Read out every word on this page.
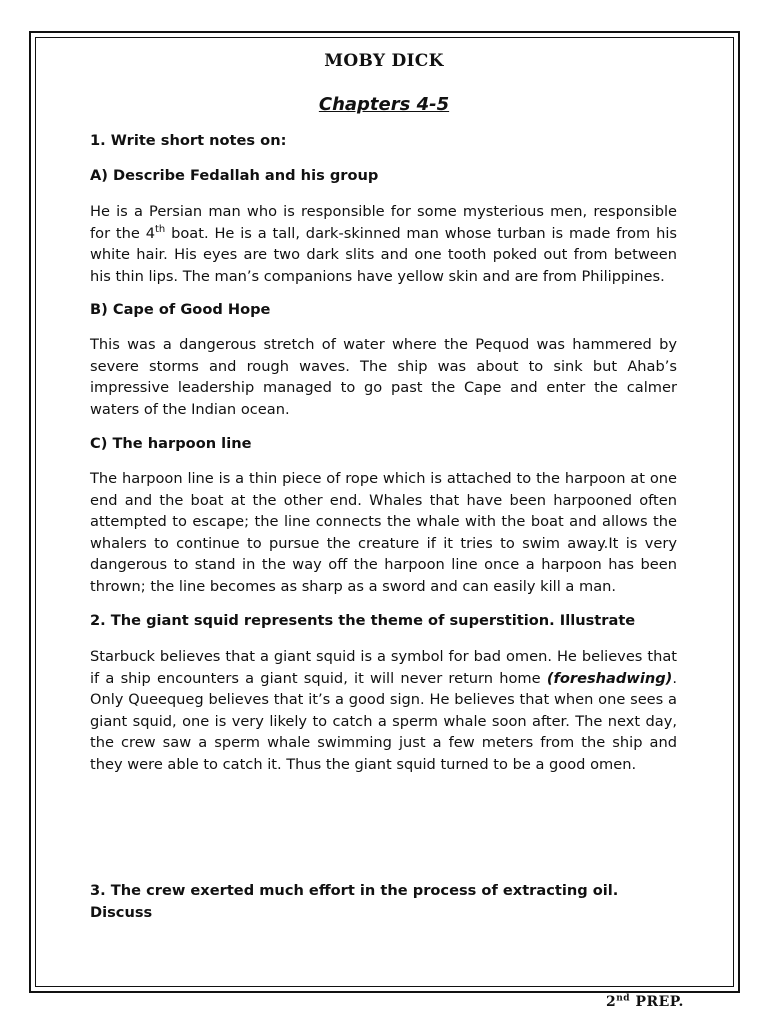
MOBY DICK
Chapters 4-5
1. Write short notes on:
A) Describe Fedallah and his group
He is a Persian man who is responsible for some mysterious men, responsible for the 4th boat. He is a tall, dark-skinned man whose turban is made from his white hair. His eyes are two dark slits and one tooth poked out from between his thin lips. The man’s companions have yellow skin and are from Philippines.
B) Cape of Good Hope
This was a dangerous stretch of water where the Pequod was hammered by severe storms and rough waves. The ship was about to sink but Ahab’s impressive leadership managed to go past the Cape and enter the calmer waters of the Indian ocean.
C) The harpoon line
The harpoon line is a thin piece of rope which is attached to the harpoon at one end and the boat at the other end. Whales that have been harpooned often attempted to escape; the line connects the whale with the boat and allows the whalers to continue to pursue the creature if it tries to swim away.It is very dangerous to stand in the way off the harpoon line once a harpoon has been thrown; the line becomes as sharp as a sword and can easily kill a man.
2. The giant squid represents the theme of superstition. Illustrate
Starbuck believes that a giant squid is a symbol for bad omen. He believes that if a ship encounters a giant squid, it will never return home (foreshadwing). Only Queequeg believes that it’s a good sign. He believes that when one sees a giant squid, one is very likely to catch a sperm whale soon after. The next day, the crew saw a sperm whale swimming just a few meters from the ship and they were able to catch it. Thus the giant squid turned to be a good omen.
3. The crew exerted much effort in the process of extracting oil. Discuss
2nd PREP.
